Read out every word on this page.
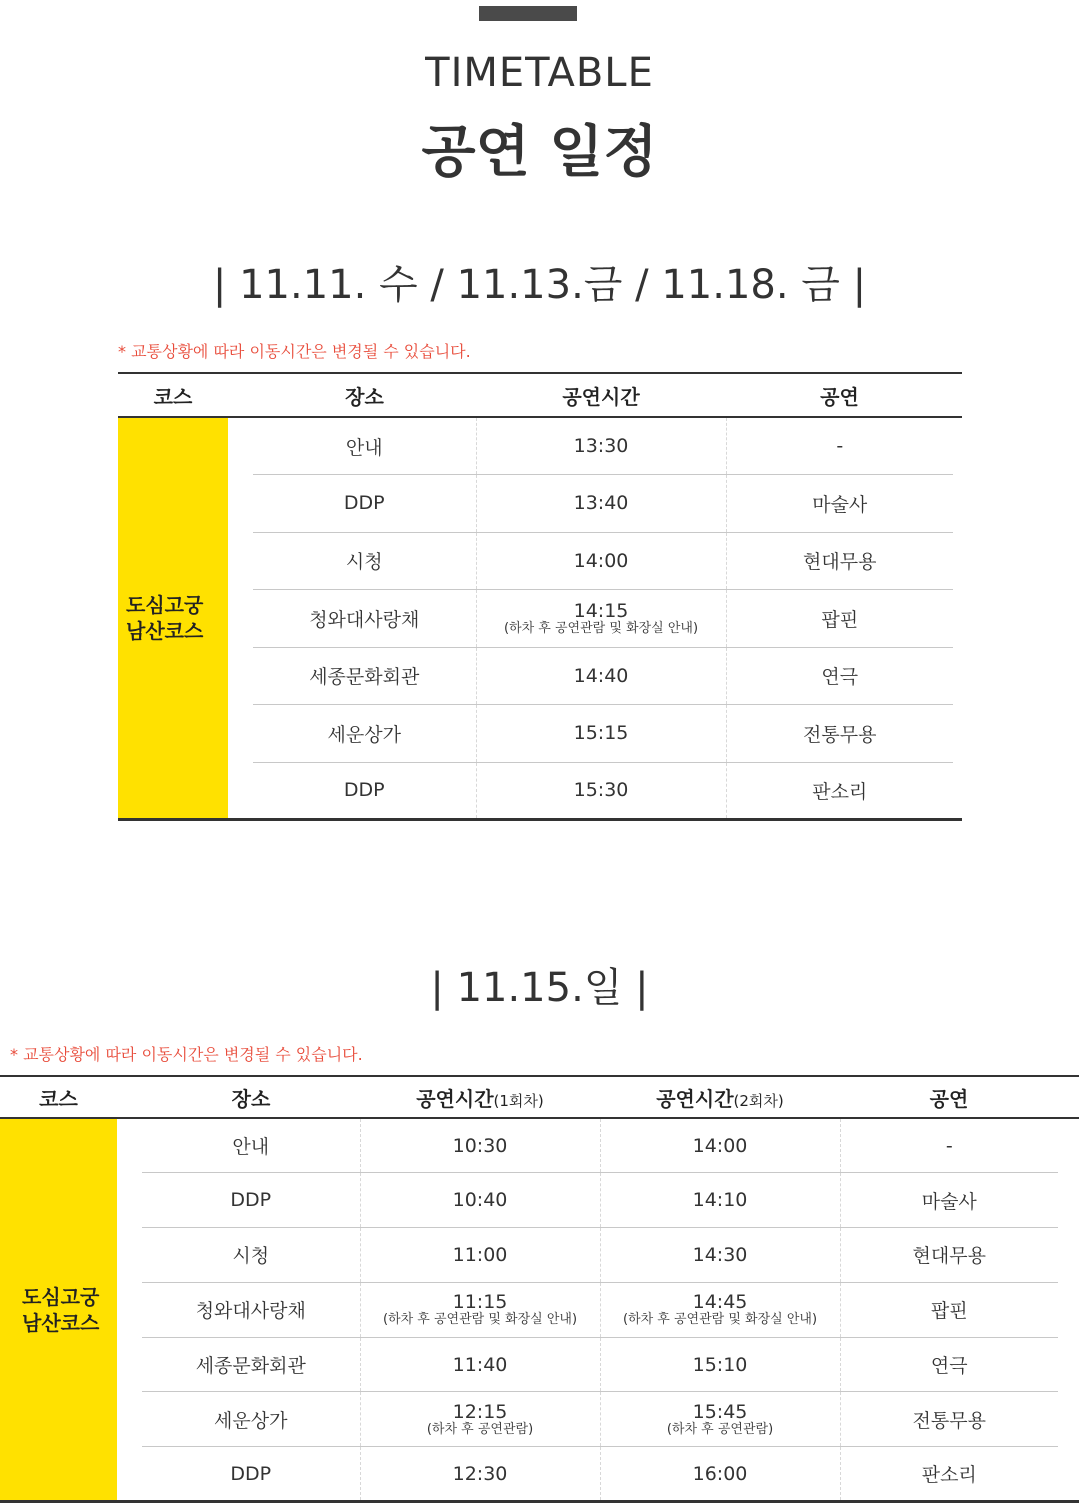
TIMETABLE
공연 일정
| 11.11. 수 / 11.13.금 / 11.18. 금 |
* 교통상황에 따라 이동시간은 변경될 수 있습니다.
코스		장소	공연시간	공연	

도심고궁
남산코스		안내	13:30	-	
		DDP	13:40	마술사	
		시청	14:00	현대무용	
		청와대사랑채	14:15
(하차 후 공연관람 및 화장실 안내)	팝핀	
		세종문화회관	14:40	연극	
		세운상가	15:15	전통무용	
		DDP	15:30	판소리	
| 11.15.일 |
* 교통상황에 따라 이동시간은 변경될 수 있습니다.
코스		장소	공연시간(1회차)	공연시간(2회차)	공연	

도심고궁
남산코스		안내	10:30	14:00	-	
		DDP	10:40	14:10	마술사	
		시청	11:00	14:30	현대무용	
		청와대사랑채	11:15
(하차 후 공연관람 및 화장실 안내)	14:45
(하차 후 공연관람 및 화장실 안내)	팝핀	
		세종문화회관	11:40	15:10	연극	
		세운상가	12:15
(하차 후 공연관람)	15:45
(하차 후 공연관람)	전통무용	
		DDP	12:30	16:00	판소리	
